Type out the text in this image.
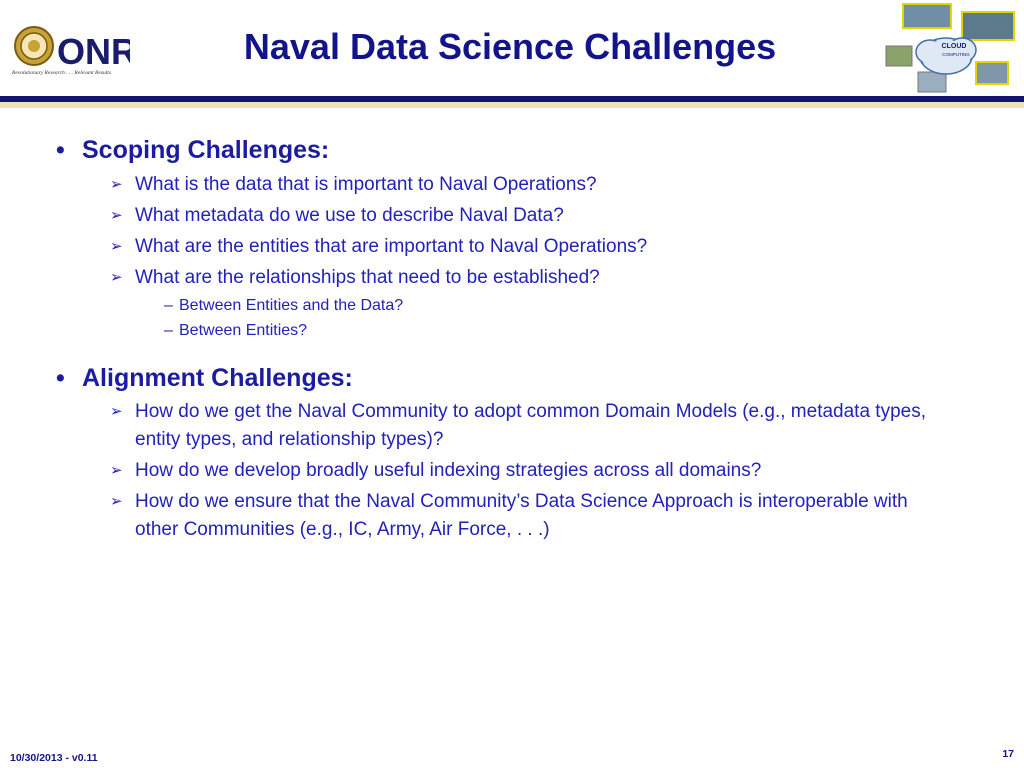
ONR
Revolutionary Research . . . Relevant Results
Naval Data Science Challenges	CLOUD
COMPUTING
• Scoping Challenges:
➢ What is the data that is important to Naval Operations?
➢ What metadata do we use to describe Naval Data?
➢ What are the entities that are important to Naval Operations?
➢ What are the relationships that need to be established?
– Between Entities and the Data?
– Between Entities?
• Alignment Challenges:
➢ How do we get the Naval Community to adopt common Domain Models (e.g., metadata types, entity types, and relationship types)?
➢ How do we develop broadly useful indexing strategies across all domains?
➢ How do we ensure that the Naval Community’s Data Science Approach is interoperable with other Communities (e.g., IC, Army, Air Force, . . .)
10/30/2013 - v0.11	17
